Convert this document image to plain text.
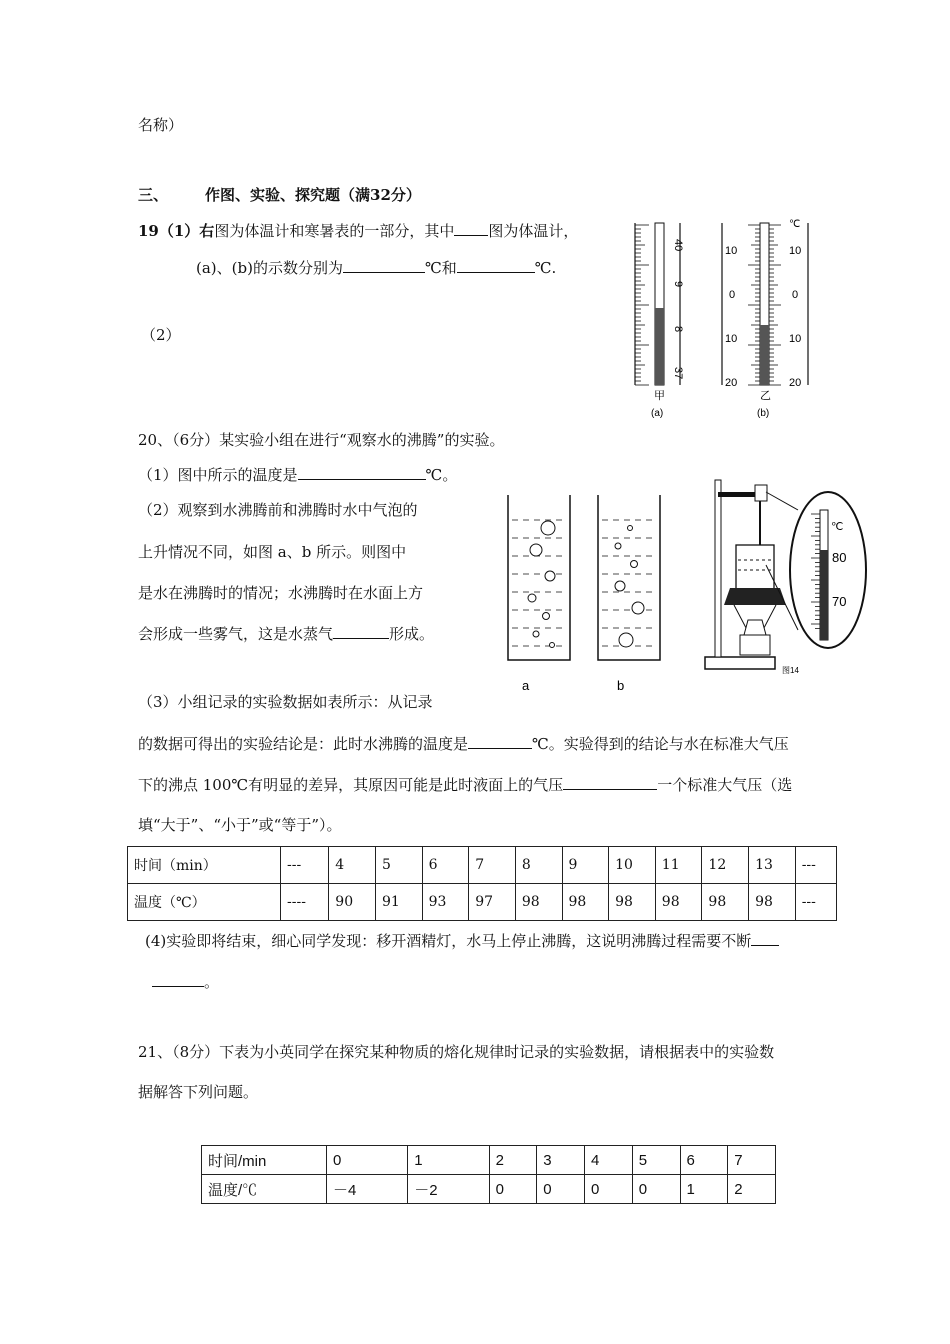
名称）
三、 作图、实验、探究题（满32分）
19（1）右图为体温计和寒暑表的一部分，其中 图为体温计，
(a)、(b)的示数分别为	℃和	℃.
（2）
40
9
8
37
甲
(a)
℃
10	10
0	0
10	10
20	20
乙
(b)
20、（6分）某实验小组在进行“观察水的沸腾”的实验。
（1）图中所示的温度是	℃。
（2）观察到水沸腾前和沸腾时水中气泡的
上升情况不同，如图 a、b 所示。则图中
是水在沸腾时的情况；水沸腾时在水面上方
会形成一些雾气，这是水蒸气	形成。
a	b
℃
80
70
图14
（3）小组记录的实验数据如表所示：从记录
的数据可得出的实验结论是：此时水沸腾的温度是	℃。实验得到的结论与水在标准大气压
下的沸点 100℃有明显的差异，其原因可能是此时液面上的气压	一个标准大气压（选
填“大于”、“小于”或“等于”）。
时间（min）	---	4	5	6	7	8	9	10	11	12	13	---
温度（℃）	----	90	91	93	97	98	98	98	98	98	98	---
(4)实验即将结束，细心同学发现：移开酒精灯，水马上停止沸腾，这说明沸腾过程需要不断
。
21、（8分）下表为小英同学在探究某种物质的熔化规律时记录的实验数据，请根据表中的实验数
据解答下列问题。
时间/min	0	1	2	3	4	5	6	7
温度/℃	－4	－2	0	0	0	0	1	2
